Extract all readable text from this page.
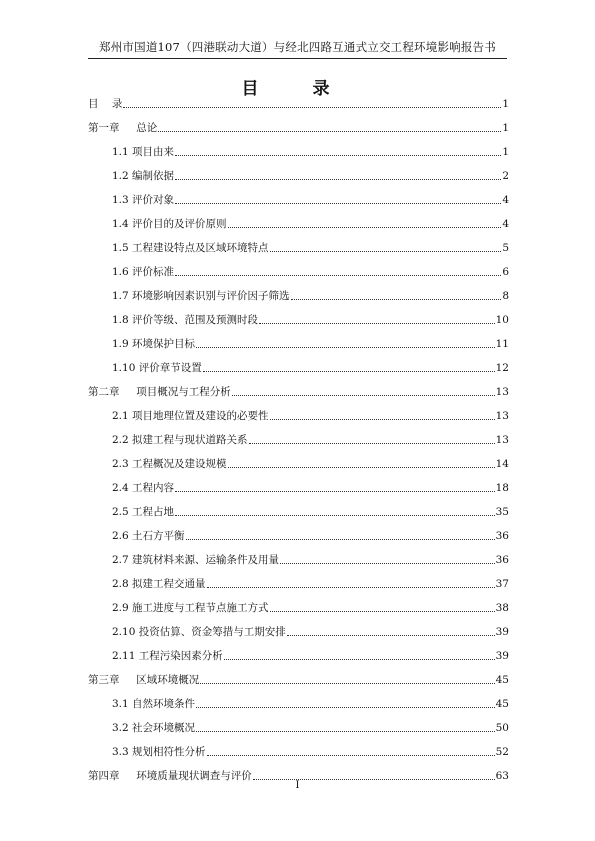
郑州市国道107（四港联动大道）与经北四路互通式立交工程环境影响报告书
目 录
目    录	1
第一章     总论	1
1.1 项目由来	1
1.2 编制依据	2
1.3 评价对象	4
1.4 评价目的及评价原则	4
1.5 工程建设特点及区域环境特点	5
1.6 评价标准	6
1.7 环境影响因素识别与评价因子筛选	8
1.8 评价等级、范围及预测时段	10
1.9 环境保护目标	11
1.10 评价章节设置	12
第二章     项目概况与工程分析	13
2.1 项目地理位置及建设的必要性	13
2.2 拟建工程与现状道路关系	13
2.3 工程概况及建设规模	14
2.4 工程内容	18
2.5 工程占地	35
2.6 土石方平衡	36
2.7 建筑材料来源、运输条件及用量	36
2.8 拟建工程交通量	37
2.9 施工进度与工程节点施工方式	38
2.10 投资估算、资金筹措与工期安排	39
2.11 工程污染因素分析	39
第三章     区域环境概况	45
3.1 自然环境条件	45
3.2 社会环境概况	50
3.3 规划相符性分析	52
第四章     环境质量现状调查与评价	63
I
